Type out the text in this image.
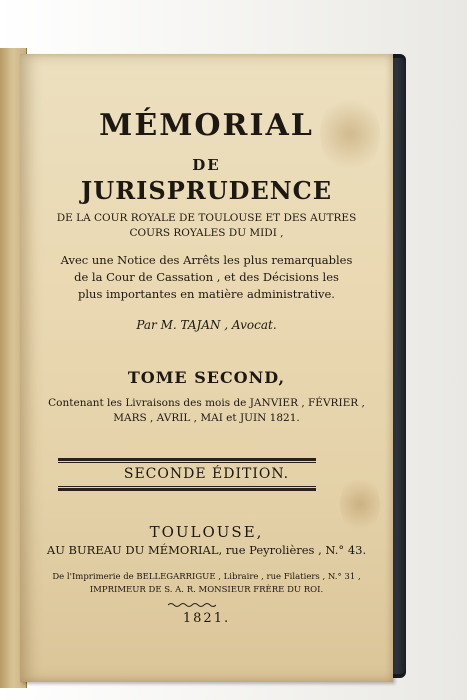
MÉMORIAL
DE
JURISPRUDENCE
DE LA COUR ROYALE DE TOULOUSE ET DES AUTRES
COURS ROYALES DU MIDI ,
Avec une Notice des Arrêts les plus remarquables
de la Cour de Cassation , et des Décisions les
plus importantes en matière administrative.
Par M. TAJAN , Avocat.
TOME SECOND,
Contenant les Livraisons des mois de JANVIER , FÉVRIER ,
MARS , AVRIL , MAI et JUIN 1821.
SECONDE ÉDITION.
TOULOUSE,
AU BUREAU DU MÉMORIAL, rue Peyrolières , N.° 43.
De l'Imprimerie de BELLEGARRIGUE , Libraire , rue Filatiers , N.° 31 ,
IMPRIMEUR DE S. A. R. MONSIEUR FRÈRE DU ROI.
1821.
